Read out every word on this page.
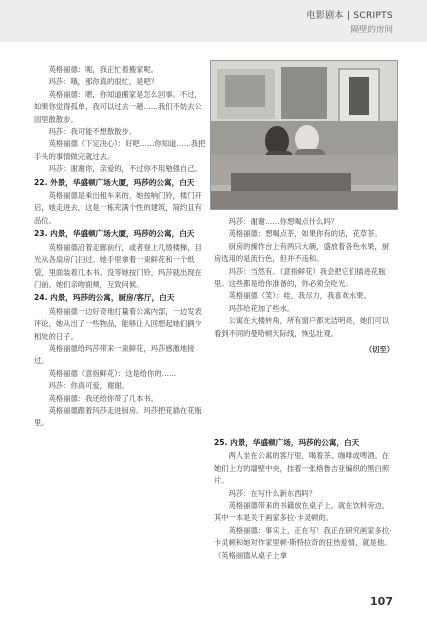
电影剧本 | SCRIPTS
隔壁的房间

英格丽德：呃，我正忙着搬家呢。

玛莎：哦，那你真的很忙，是吧？

英格丽德：嗯，你知道搬家是怎么回事。不过，如果你觉得孤单，我可以过去一趟……我们不妨去公园里散散步。

玛莎：我可能不想散散步。

英格丽德（下定决心）：好吧……你知道……我把手头的事情做完就过去。

玛莎：谢谢你，亲爱的，不过你不用勉强自己。

22. 外景，华盛顿广场大厦，玛莎的公寓，白天

英格丽德是乘出租车来的，她按响门铃，楼门开启，她走进去，这是一栋充满个性的建筑，简约且有品位。

23. 内景，华盛顿广场大厦，玛莎的公寓，白天

英格丽德沿着走廊前行，或者登上几级楼梯，目光从各扇房门扫过。她手里拿着一束鲜花和一个纸袋，里面装着几本书。没等她按门铃，玛莎就出现在门前。她们亲吻面颊，互致问候。

24. 内景，玛莎的公寓，厨房/客厅，白天

英格丽德一边好奇地打量着公寓内部，一边发表评论，她从出了一些物品，能够让人回想起她们俩少相处的日子。

英格丽德给玛莎带来一束鲜花，玛莎感激地接过。

英格丽德（意指鲜花）：这是给你的……

玛莎：你真可爱，谢谢。

英格丽德：我还给你带了几本书。

英格丽德跟着玛莎走进厨房。玛莎把花插在花瓶里。

玛莎：谢谢……你想喝点什么吗？

英格丽德：想喝点茶，如果你有的话，花草茶。

厨房的操作台上有两只大碗，盛放着各色水果，厨房选用的是流行色，但并不违和。

玛莎：当然有。（意指鲜花）我会把它们插进花瓶里。这些都是给你准备的，你必须全吃光。

英格丽德（笑）：哇，我尽力，我喜欢水果。

玛莎给花加了些水。

公寓在大楼转角，所有窗户都光洁明亮，她们可以看到不同的曼哈顿天际线，恢弘壮观。

（切至）

25. 内景，华盛顿广场，玛莎的公寓，白天

两人坐在公寓的客厅里，喝着茶、咖啡或啤酒。在她们上方的墙壁中央，挂着一张格鲁吉亚编织的黑白照片。

玛莎：在写什么新东西吗？

英格丽德带来的书籍放在桌子上，就在饮料旁边，其中一本是关于画家多拉·卡灵顿的。

英格丽德：事实上，正在写！我正在研究画家多拉·卡灵顿和她对作家里顿·斯特拉奇的狂热爱情，就是他。（英格丽德从桌子上拿

107
